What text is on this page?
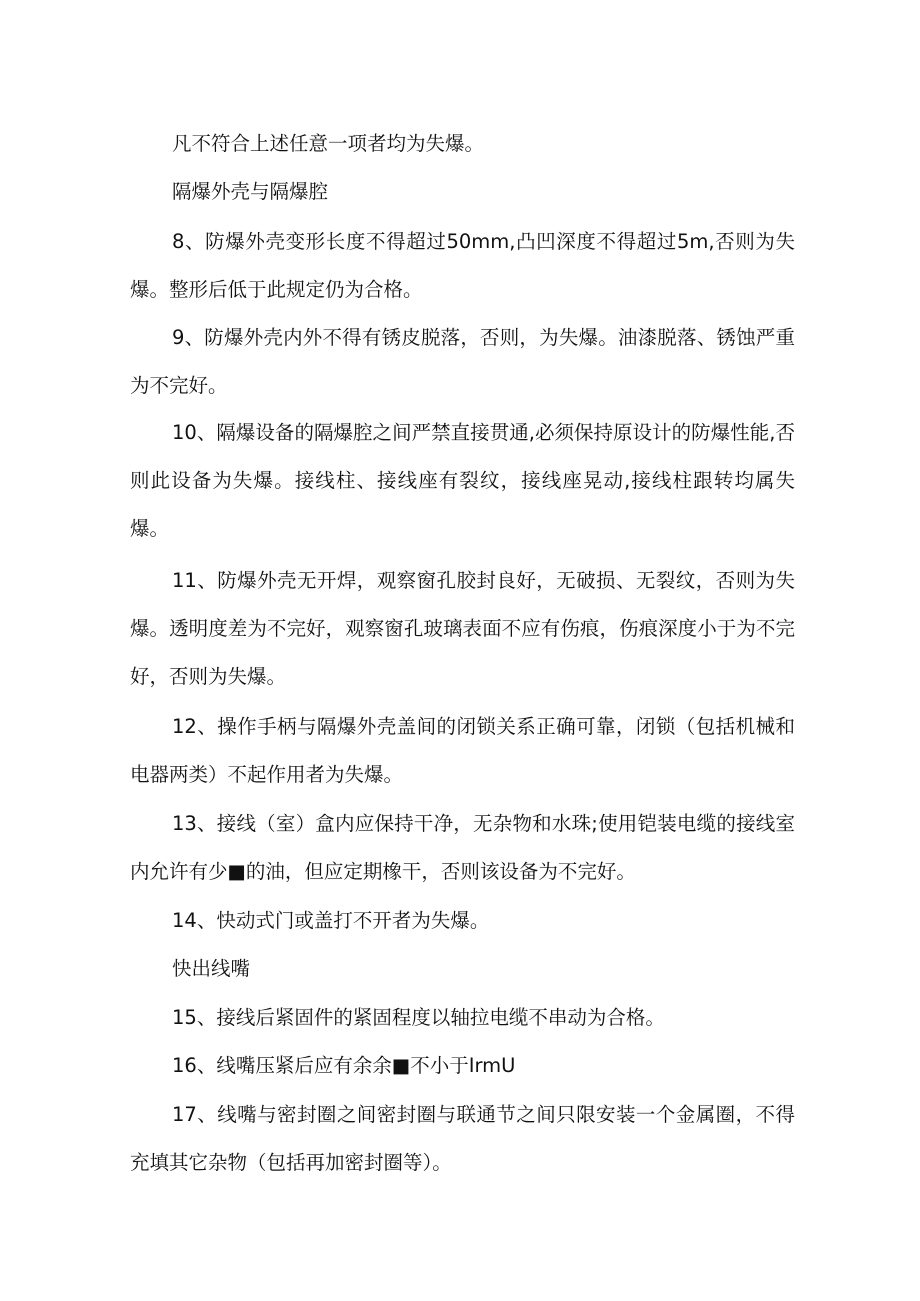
凡不符合上述任意一项者均为失爆。

隔爆外壳与隔爆腔

8、防爆外壳变形长度不得超过50mm,凸凹深度不得超过5m,否则为失爆。整形后低于此规定仍为合格。

9、防爆外壳内外不得有锈皮脱落，否则，为失爆。油漆脱落、锈蚀严重为不完好。

10、隔爆设备的隔爆腔之间严禁直接贯通,必须保持原设计的防爆性能,否则此设备为失爆。接线柱、接线座有裂纹，接线座晃动,接线柱跟转均属失爆。

11、防爆外壳无开焊，观察窗孔胶封良好，无破损、无裂纹，否则为失爆。透明度差为不完好，观察窗孔玻璃表面不应有伤痕，伤痕深度小于为不完好，否则为失爆。

12、操作手柄与隔爆外壳盖间的闭锁关系正确可靠，闭锁（包括机械和电器两类）不起作用者为失爆。

13、接线（室）盒内应保持干净，无杂物和水珠;使用铠装电缆的接线室内允许有少■的油，但应定期橡干，否则该设备为不完好。

14、快动式门或盖打不开者为失爆。

快出线嘴

15、接线后紧固件的紧固程度以轴拉电缆不串动为合格。

16、线嘴压紧后应有余余■不小于IrmU

17、线嘴与密封圈之间密封圈与联通节之间只限安装一个金属圈，不得充填其它杂物（包括再加密封圈等）。
